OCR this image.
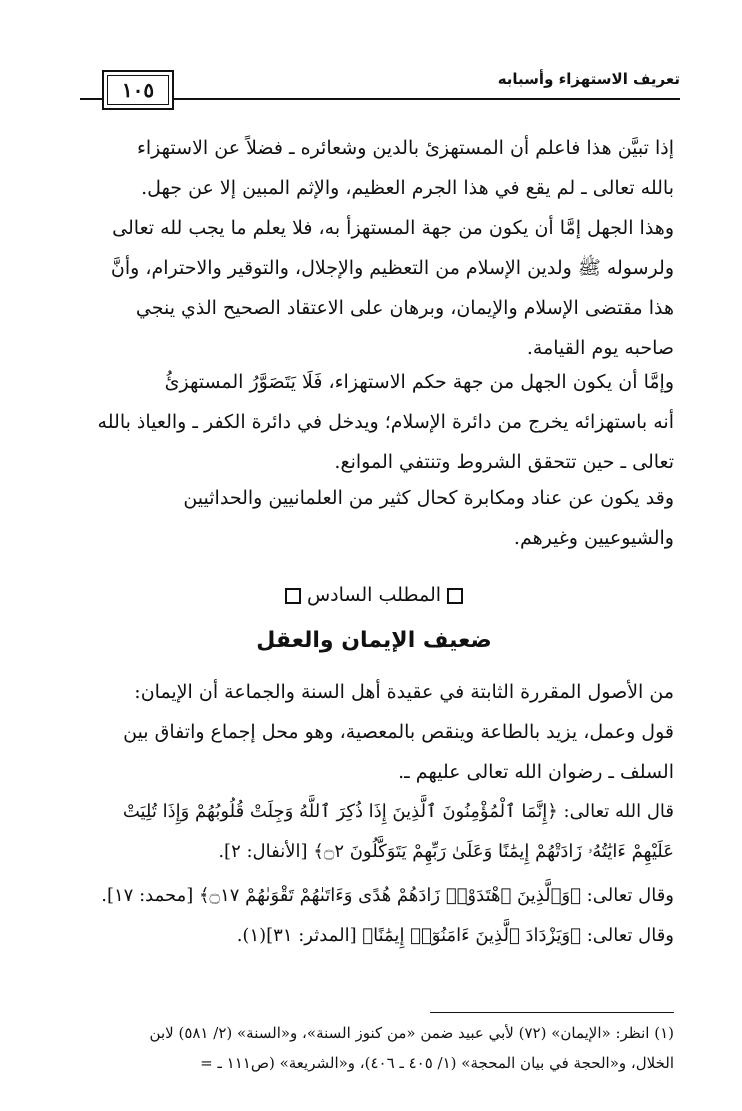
١٠٥	تعريف الاستهزاء وأسبابه
إذا تبيَّن هذا فاعلم أن المستهزئ بالدين وشعائره ـ فضلاً عن الاستهزاء
بالله تعالى ـ لم يقع في هذا الجرم العظيم، والإثم المبين إلا عن جهل.
وهذا الجهل إمَّا أن يكون من جهة المستهزأ به، فلا يعلم ما يجب لله تعالى
ولرسوله ﷺ ولدين الإسلام من التعظيم والإجلال، والتوقير والاحترام، وأنَّ
هذا مقتضى الإسلام والإيمان، وبرهان على الاعتقاد الصحيح الذي ينجي
صاحبه يوم القيامة.
وإمَّا أن يكون الجهل من جهة حكم الاستهزاء، فَلَا يَتَصَوَّرُ المستهزئُ
أنه باستهزائه يخرج من دائرة الإسلام؛ ويدخل في دائرة الكفر ـ والعياذ بالله
تعالى ـ حين تتحقق الشروط وتنتفي الموانع.
وقد يكون عن عناد ومكابرة كحال كثير من العلمانيين والحداثيين
والشيوعيين وغيرهم.
المطلب السادس
ضعيف الإيمان والعقل
من الأصول المقررة الثابتة في عقيدة أهل السنة والجماعة أن الإيمان:
قول وعمل، يزيد بالطاعة وينقص بالمعصية، وهو محل إجماع واتفاق بين
السلف ـ رضوان الله تعالى عليهم ـ.
قال الله تعالى: ﴿إِنَّمَا ٱلْمُؤْمِنُونَ ٱلَّذِينَ إِذَا ذُكِرَ ٱللَّهُ وَجِلَتْ قُلُوبُهُمْ وَإِذَا تُلِيَتْ
عَلَيْهِمْ ءَايَٰتُهُۥ زَادَتْهُمْ إِيمَٰنًا وَعَلَىٰ رَبِّهِمْ يَتَوَكَّلُونَ ۝٢﴾ [الأنفال: ٢].
وقال تعالى: ﴿وَٱلَّذِينَ ٱهْتَدَوْا۟ زَادَهُمْ هُدًى وَءَاتَىٰهُمْ تَقْوَىٰهُمْ ۝١٧﴾ [محمد: ١٧].
وقال تعالى: ﴿وَيَزْدَادَ ٱلَّذِينَ ءَامَنُوٓا۟ إِيمَٰنًا﴾ [المدثر: ٣١](١).
(١) انظر: «الإيمان» (٧٢) لأبي عبيد ضمن «من كنوز السنة»، و«السنة» (٢/ ٥٨١) لابن
الخلال، و«الحجة في بيان المحجة» (١/ ٤٠٥ ـ ٤٠٦)، و«الشريعة» (ص١١١ ـ =
